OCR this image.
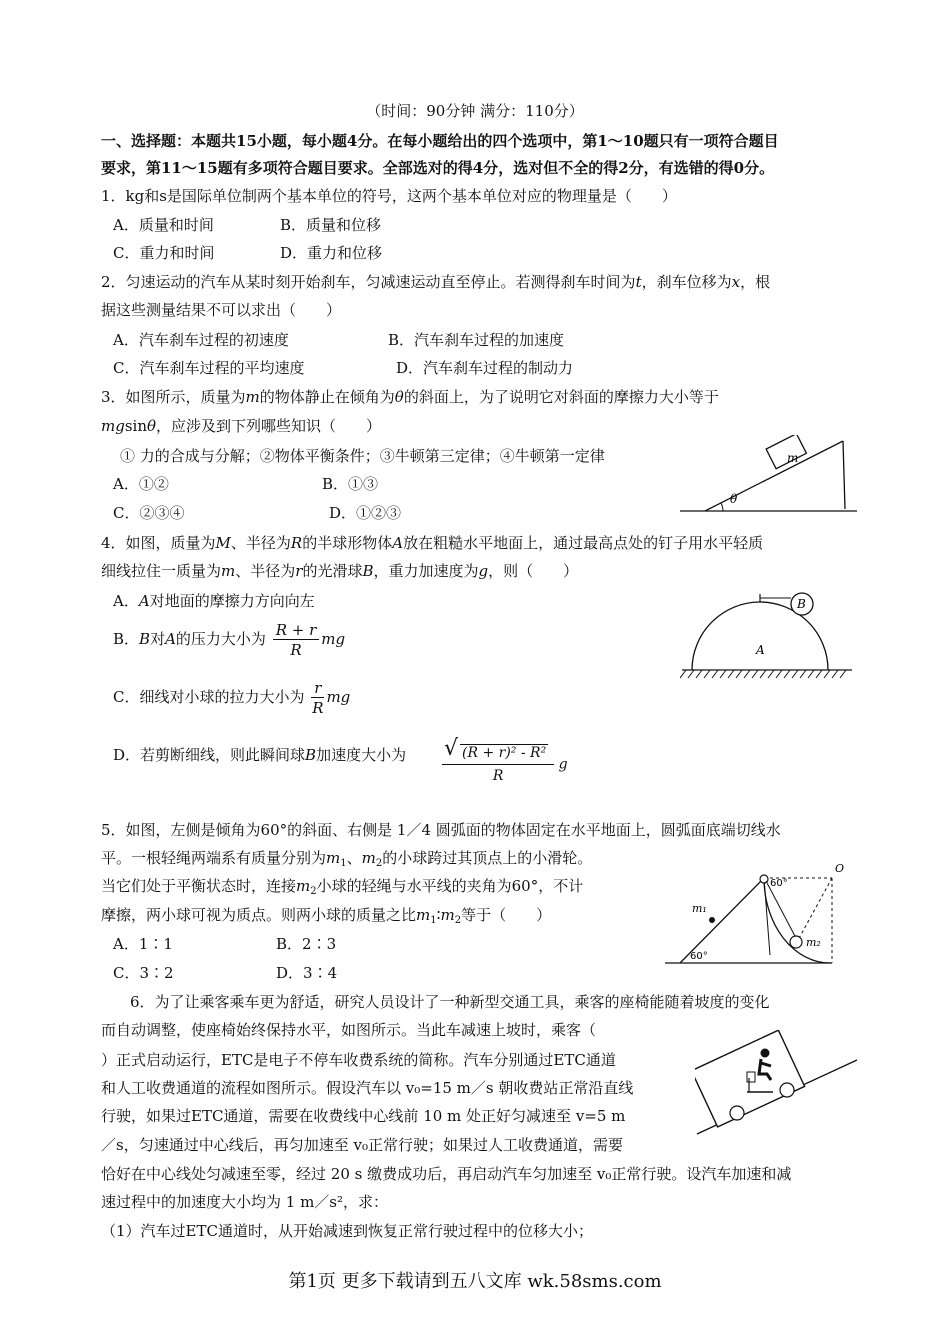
（时间：90分钟 满分：110分）
一、选择题：本题共15小题，每小题4分。在每小题给出的四个选项中，第1～10题只有一项符合题目
要求，第11～15题有多项符合题目要求。全部选对的得4分，选对但不全的得2分，有选错的得0分。
1．kg和s是国际单位制两个基本单位的符号，这两个基本单位对应的物理量是（　　）
A．质量和时间	B．质量和位移
C．重力和时间	D．重力和位移
2．匀速运动的汽车从某时刻开始刹车，匀减速运动直至停止。若测得刹车时间为t，刹车位移为x，根
据这些测量结果不可以求出（　　）
A．汽车刹车过程的初速度	B．汽车刹车过程的加速度
C．汽车刹车过程的平均速度	D．汽车刹车过程的制动力
3．如图所示，质量为m的物体静止在倾角为θ的斜面上，为了说明它对斜面的摩擦力大小等于
mgsinθ，应涉及到下列哪些知识（　　）
① 力的合成与分解；②物体平衡条件；③牛顿第三定律；④牛顿第一定律
A．①②	B．①③
C．②③④	D．①②③
m
θ
4．如图，质量为M、半径为R的半球形物体A放在粗糙水平地面上，通过最高点处的钉子用水平轻质
细线拉住一质量为m、半径为r的光滑球B，重力加速度为g，则（　　）
A．A对地面的摩擦力方向向左
B．B对A的压力大小为 $\frac{R + r}{R}$ mg
C．细线对小球的拉力大小为 $\frac{r}{R}$ mg
D．若剪断细线，则此瞬间球B加速度大小为 $\frac{\text{√ (R + r)² - R²}}{R}$ g
B
A
5．如图，左侧是倾角为60°的斜面、右侧是 1／4 圆弧面的物体固定在水平地面上，圆弧面底端切线水
平。一根轻绳两端系有质量分别为$m_1$、$m_2$的小球跨过其顶点上的小滑轮。
当它们处于平衡状态时，连接$m_2$小球的轻绳与水平线的夹角为60°，不计
摩擦，两小球可视为质点。则两小球的质量之比$m_1∶m_2$等于（　　）
A．1∶1	B．2∶3
C．3∶2	D．3∶4
O
60°
60°
m₁
m₂
6．为了让乘客乘车更为舒适，研究人员设计了一种新型交通工具，乘客的座椅能随着坡度的变化
而自动调整，使座椅始终保持水平，如图所示。当此车减速上坡时，乘客（
）正式启动运行，ETC是电子不停车收费系统的简称。汽车分别通过ETC通道
和人工收费通道的流程如图所示。假设汽车以 v₀=15 m／s 朝收费站正常沿直线
行驶，如果过ETC通道，需要在收费线中心线前 10 m 处正好匀减速至 v=5 m
／s，匀速通过中心线后，再匀加速至 v₀正常行驶；如果过人工收费通道，需要
恰好在中心线处匀减速至零，经过 20 s 缴费成功后，再启动汽车匀加速至 v₀正常行驶。设汽车加速和减
速过程中的加速度大小均为 1 m／s²，求：
（1）汽车过ETC通道时，从开始减速到恢复正常行驶过程中的位移大小；
第1页 更多下载请到五八文库 wk.58sms.com
